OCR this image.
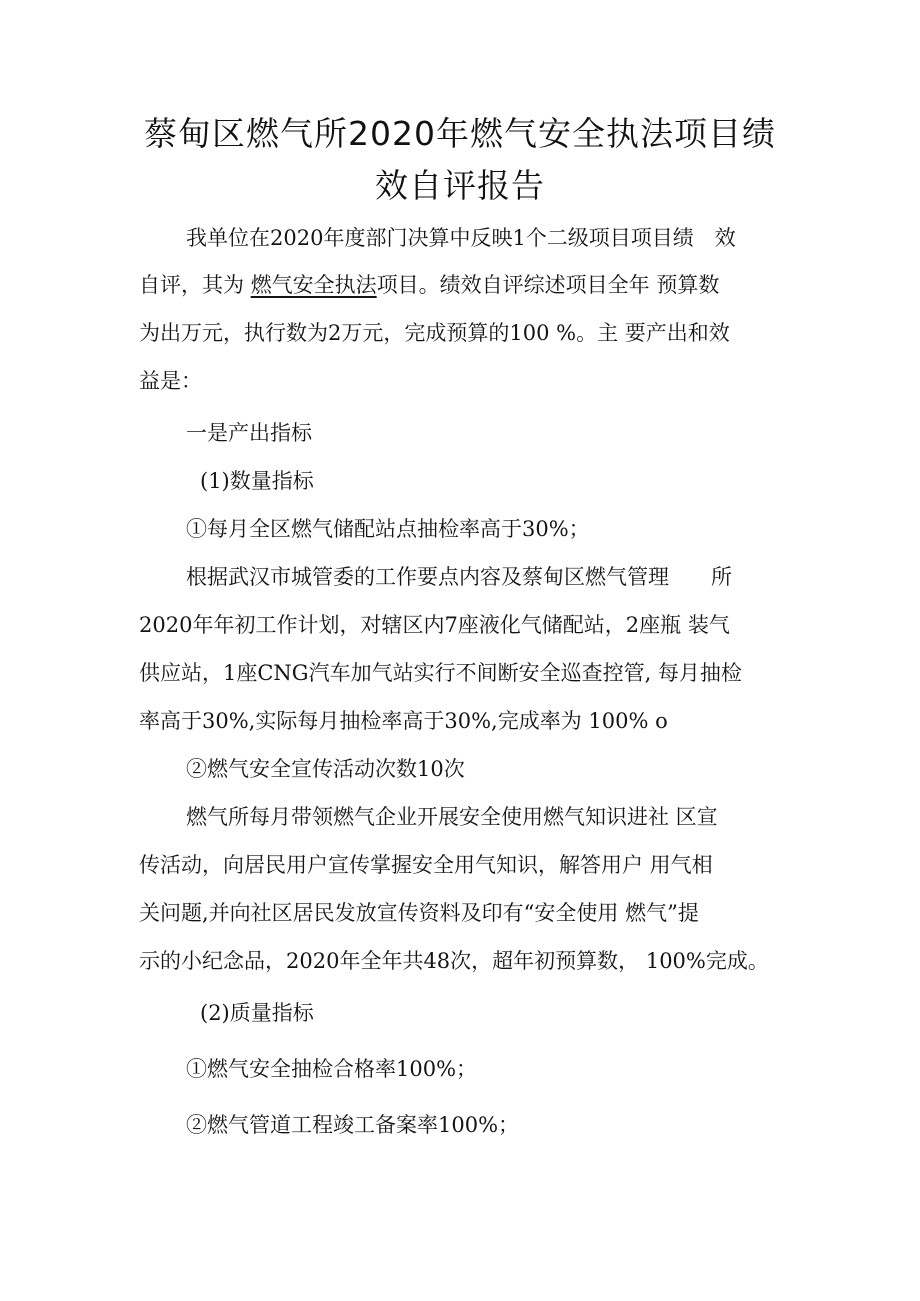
蔡甸区燃气所2020年燃气安全执法项目绩
效自评报告
我单位在2020年度部门决算中反映1个二级项目项目绩　效
自评，其为 燃气安全执法项目。绩效自评综述项目全年 预算数
为出万元，执行数为2万元，完成预算的100 %。主 要产出和效
益是：
一是产出指标
(1)数量指标
①每月全区燃气储配站点抽检率高于30%；
根据武汉市城管委的工作要点内容及蔡甸区燃气管理　　所
2020年年初工作计划，对辖区内7座液化气储配站，2座瓶 装气
供应站，1座CNG汽车加气站实行不间断安全巡查控管, 每月抽检
率高于30%,实际每月抽检率高于30%,完成率为 100% o
②燃气安全宣传活动次数10次
燃气所每月带领燃气企业开展安全使用燃气知识进社 区宣
传活动，向居民用户宣传掌握安全用气知识，解答用户 用气相
关问题,并向社区居民发放宣传资料及印有“安全使用 燃气”提
示的小纪念品，2020年全年共48次，超年初预算数， 100%完成。
(2)质量指标
①燃气安全抽检合格率100%；
②燃气管道工程竣工备案率100%；
